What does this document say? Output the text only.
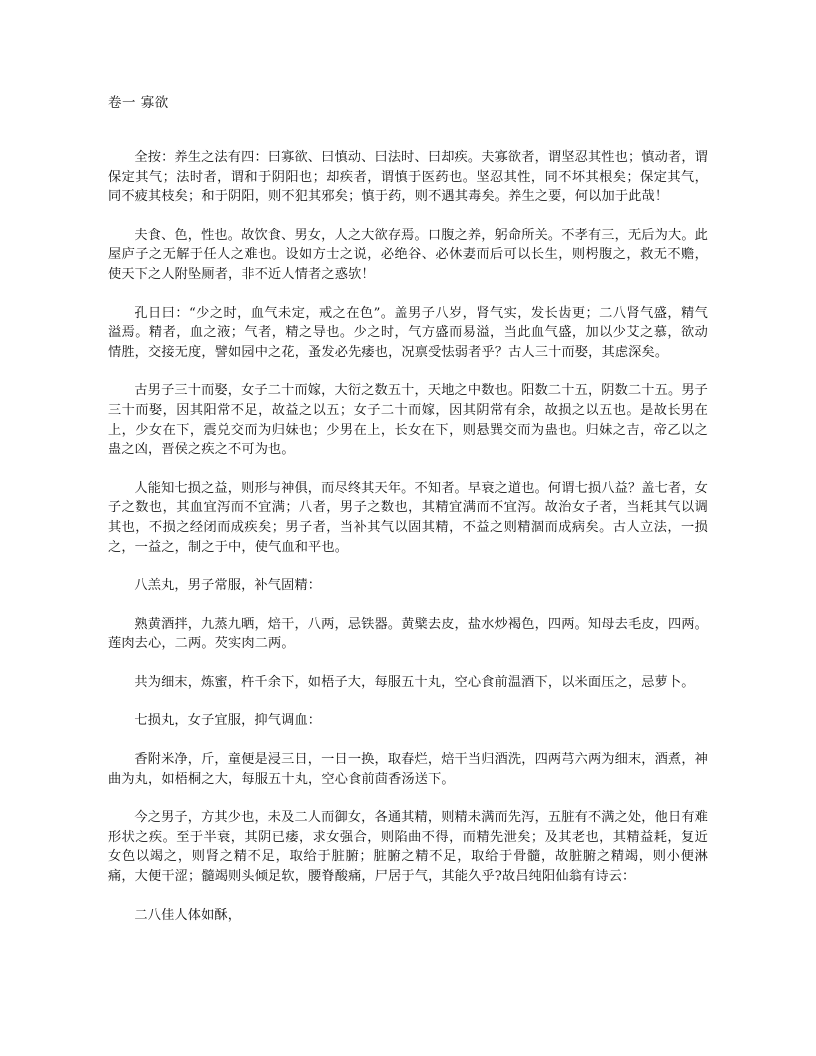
卷一 寡欲

全按：养生之法有四：曰寡欲、曰慎动、曰法时、曰却疾。夫寡欲者，谓坚忍其性也；慎动者，谓保定其气；法时者，谓和于阴阳也；却疾者，谓慎于医药也。坚忍其性，同不坏其根矣；保定其气，同不疲其枝矣；和于阴阳，则不犯其邪矣；慎于药，则不遇其毒矣。养生之要，何以加于此哉！

夫食、色，性也。故饮食、男女，人之大欲存焉。口腹之养，躬命所关。不孝有三，无后为大。此屋庐子之无解于任人之难也。设如方士之说，必绝谷、必休妻而后可以长生，则枵腹之，救无不赡，使天下之人附坠厕者，非不近人情者之惑欤！

孔日曰：“少之时，血气未定，戒之在色”。盖男子八岁，肾气实，发长齿更；二八肾气盛，精气溢焉。精者，血之液；气者，精之导也。少之时，气方盛而易溢，当此血气盛，加以少艾之慕，欲动情胜，交接无度，譬如园中之花，蚤发必先痿也，况禀受怯弱者乎？古人三十而娶，其虑深矣。

古男子三十而娶，女子二十而嫁，大衍之数五十，天地之中数也。阳数二十五，阴数二十五。男子三十而娶，因其阳常不足，故益之以五；女子二十而嫁，因其阴常有余，故损之以五也。是故长男在上，少女在下，震兑交而为归妹也；少男在上，长女在下，则悬巽交而为蛊也。归妹之吉，帝乙以之蛊之凶，晋侯之疾之不可为也。

人能知七损之益，则形与神俱，而尽终其天年。不知者。早衰之道也。何谓七损八益？盖七者，女子之数也，其血宜泻而不宜满；八者，男子之数也，其精宜满而不宜泻。故治女子者，当耗其气以调其也，不损之经闭而成疾矣；男子者，当补其气以固其精，不益之则精涸而成病矣。古人立法，一损之，一益之，制之于中，使气血和平也。

八羔丸，男子常服，补气固精：

熟黄酒拌，九蒸九晒，焙干，八两，忌铁器。黄檗去皮，盐水炒褐色，四两。知母去毛皮，四两。莲肉去心，二两。芡实肉二两。

共为细末，炼蜜，杵千余下，如梧子大，每服五十丸，空心食前温酒下，以米面压之，忌萝卜。

七损丸，女子宜服，抑气调血：

香附米净，斤，童便是浸三日，一日一换，取春烂，焙干当归酒洗，四两芎六两为细末，酒煮，神曲为丸，如梧桐之大，每服五十丸，空心食前茴香汤送下。

今之男子，方其少也，未及二人而御女，各通其精，则精未满而先泻，五脏有不满之处，他日有难形状之疾。至于半衰，其阴已痿，求女强合，则陷曲不得，而精先泄矣；及其老也，其精益耗，复近女色以竭之，则肾之精不足，取给于脏腑；脏腑之精不足，取给于骨髓，故脏腑之精竭，则小便淋痛，大便干涩；髓竭则头倾足软，腰脊酸痛，尸居于气，其能久乎?故吕纯阳仙翁有诗云：

二八佳人体如酥，
